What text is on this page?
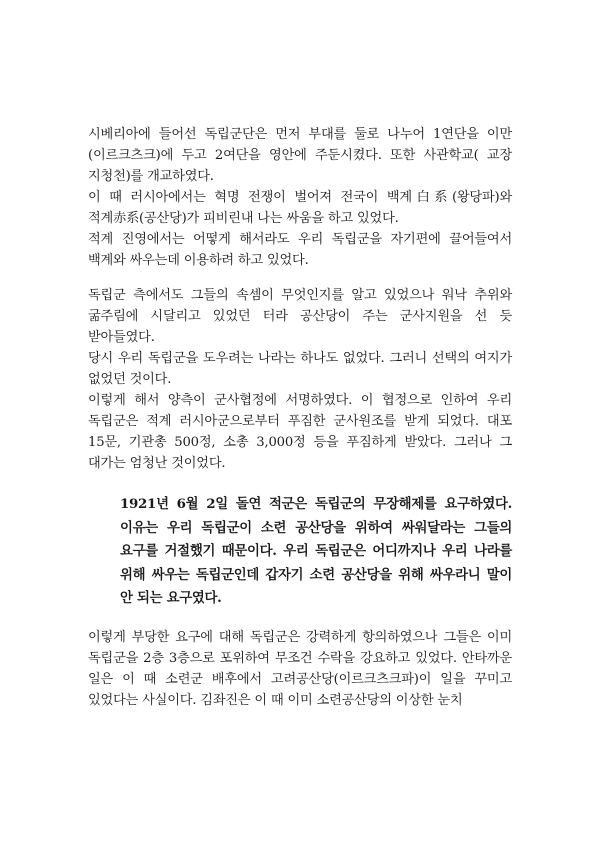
시베리아에 들어선 독립군단은 먼저 부대를 둘로 나누어 1연단을 이만(이르크츠크)에 두고 2여단을 영안에 주둔시켰다. 또한 사관학교( 교장 지청천)를 개교하였다.

이 때 러시아에서는 혁명 전쟁이 벌어져 전국이 백계白系(왕당파)와 적계赤系(공산당)가 피비린내 나는 싸움을 하고 있었다.

적계 진영에서는 어떻게 해서라도 우리 독립군을 자기편에 끌어들여서 백계와 싸우는데 이용하려 하고 있었다.

독립군 측에서도 그들의 속셈이 무엇인지를 알고 있었으나 워낙 추위와 굶주림에 시달리고 있었던 터라 공산당이 주는 군사지원을 선 듯 받아들였다.

당시 우리 독립군을 도우려는 나라는 하나도 없었다. 그러니 선택의 여지가 없었던 것이다.

이렇게 해서 양측이 군사협정에 서명하였다. 이 협정으로 인하여 우리 독립군은 적계 러시아군으로부터 푸짐한 군사원조를 받게 되었다. 대포 15문, 기관총 500정, 소총 3,000정 등을 푸짐하게 받았다. 그러나 그 대가는 엄청난 것이었다.

1921년 6월 2일 돌연 적군은 독립군의 무장해제를 요구하였다. 이유는 우리 독립군이 소련 공산당을 위하여 싸워달라는 그들의 요구를 거절했기 때문이다. 우리 독립군은 어디까지나 우리 나라를 위해 싸우는 독립군인데 갑자기 소련 공산당을 위해 싸우라니 말이 안 되는 요구였다.

이렇게 부당한 요구에 대해 독립군은 강력하게 항의하였으나 그들은 이미 독립군을 2층 3층으로 포위하여 무조건 수락을 강요하고 있었다. 안타까운 일은 이 때 소련군 배후에서 고려공산당(이르크츠크파)이 일을 꾸미고 있었다는 사실이다. 김좌진은 이 때 이미 소련공산당의 이상한 눈치
